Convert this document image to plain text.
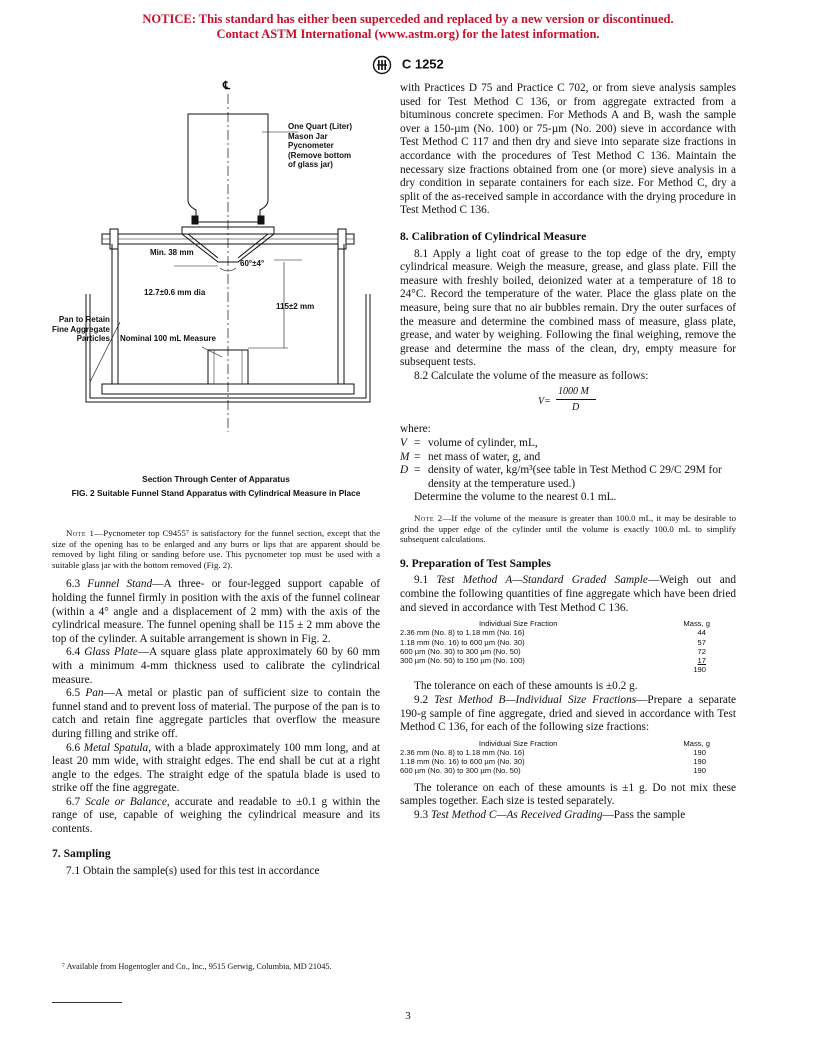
NOTICE: This standard has either been superceded and replaced by a new version or discontinued.
Contact ASTM International (www.astm.org) for the latest information.
C 1252
℄
One Quart (Liter)
Mason Jar
Pycnometer
(Remove bottom
of glass jar)
Min. 38 mm
60°±4°
12.7±0.6 mm dia
115±2 mm
Pan to Retain
Fine Aggregate
Particles Nominal 100 mL Measure
Section Through Center of Apparatus
FIG. 2 Suitable Funnel Stand Apparatus with Cylindrical Measure in Place

Note 1—Pycnometer top C9455⁷ is satisfactory for the funnel section, except that the size of the opening has to be enlarged and any burrs or lips that are apparent should be removed by light filing or sanding before use. This pycnometer top must be used with a suitable glass jar with the bottom removed (Fig. 2).

6.3 Funnel Stand—A three- or four-legged support capable of holding the funnel firmly in position with the axis of the funnel colinear (within a 4° angle and a displacement of 2 mm) with the axis of the cylindrical measure. The funnel opening shall be 115 ± 2 mm above the top of the cylinder. A suitable arrangement is shown in Fig. 2.

6.4 Glass Plate—A square glass plate approximately 60 by 60 mm with a minimum 4-mm thickness used to calibrate the cylindrical measure.

6.5 Pan—A metal or plastic pan of sufficient size to contain the funnel stand and to prevent loss of material. The purpose of the pan is to catch and retain fine aggregate particles that overflow the measure during filling and strike off.

6.6 Metal Spatula, with a blade approximately 100 mm long, and at least 20 mm wide, with straight edges. The end shall be cut at a right angle to the edges. The straight edge of the spatula blade is used to strike off the fine aggregate.

6.7 Scale or Balance, accurate and readable to ±0.1 g within the range of use, capable of weighing the cylindrical measure and its contents.

7. Sampling

7.1 Obtain the sample(s) used for this test in accordance

⁷ Available from Hogentogler and Co., Inc., 9515 Gerwig, Columbia, MD 21045.

with Practices D 75 and Practice C 702, or from sieve analysis samples used for Test Method C 136, or from aggregate extracted from a bituminous concrete specimen. For Methods A and B, wash the sample over a 150-µm (No. 100) or 75-µm (No. 200) sieve in accordance with Test Method C 117 and then dry and sieve into separate size fractions in accordance with the procedures of Test Method C 136. Maintain the necessary size fractions obtained from one (or more) sieve analysis in a dry condition in separate containers for each size. For Method C, dry a split of the as-received sample in accordance with the drying procedure in Test Method C 136.

8. Calibration of Cylindrical Measure

8.1 Apply a light coat of grease to the top edge of the dry, empty cylindrical measure. Weigh the measure, grease, and glass plate. Fill the measure with freshly boiled, deionized water at a temperature of 18 to 24°C. Record the temperature of the water. Place the glass plate on the measure, being sure that no air bubbles remain. Dry the outer surfaces of the measure and determine the combined mass of measure, glass plate, grease, and water by weighing. Following the final weighing, remove the grease and determine the mass of the clean, dry, empty measure for subsequent tests.

8.2 Calculate the volume of the measure as follows:

V=
1000 M
D

where:

V	=	volume of cylinder, mL,
M	=	net mass of water, g, and
D	=	density of water, kg/m³(see table in Test Method C 29/C 29M for density at the temperature used.)

Determine the volume to the nearest 0.1 mL.

Note 2—If the volume of the measure is greater than 100.0 mL, it may be desirable to grind the upper edge of the cylinder until the volume is exactly 100.0 mL to simplify subsequent calculations.

9. Preparation of Test Samples

9.1 Test Method A—Standard Graded Sample—Weigh out and combine the following quantities of fine aggregate which have been dried and sieved in accordance with Test Method C 136.

Individual Size Fraction	Mass, g
2.36 mm (No. 8) to 1.18 mm (No. 16)	44
1.18 mm (No. 16) to 600 µm (No. 30)	57
600 µm (No. 30) to 300 µm (No. 50)	72
300 µm (No. 50) to 150 µm (No. 100)	17
	190

The tolerance on each of these amounts is ±0.2 g.

9.2 Test Method B—Individual Size Fractions—Prepare a separate 190-g sample of fine aggregate, dried and sieved in accordance with Test Method C 136, for each of the following size fractions:

Individual Size Fraction	Mass, g
2.36 mm (No. 8) to 1.18 mm (No. 16)	190
1.18 mm (No. 16) to 600 µm (No. 30)	190
600 µm (No. 30) to 300 µm (No. 50)	190

The tolerance on each of these amounts is ±1 g. Do not mix these samples together. Each size is tested separately.

9.3 Test Method C—As Received Grading—Pass the sample

3
